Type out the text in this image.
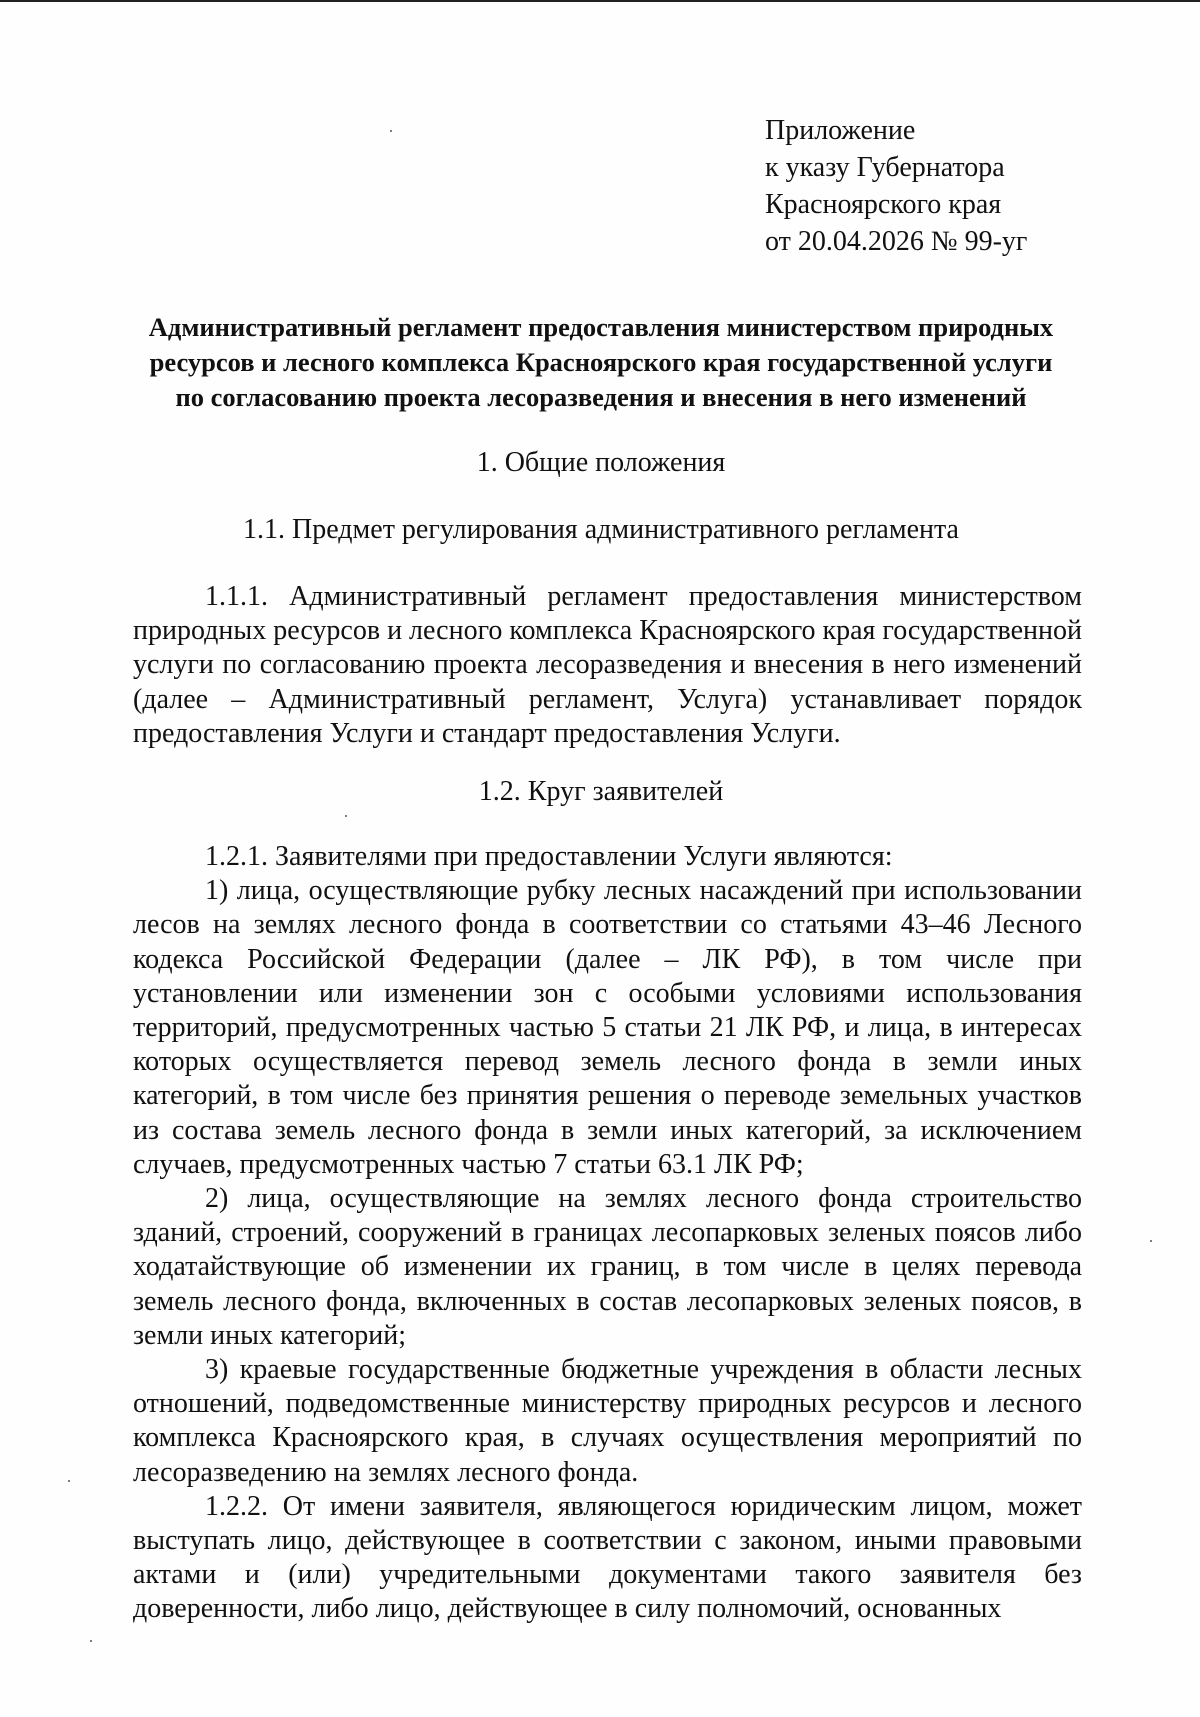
Приложение
к указу Губернатора
Красноярского края
от 20.04.2026 № 99-уг
Административный регламент предоставления министерством природных
ресурсов и лесного комплекса Красноярского края государственной услуги
по согласованию проекта лесоразведения и внесения в него изменений
1. Общие положения
1.1. Предмет регулирования административного регламента

1.1.1. Административный регламент предоставления министерством природных ресурсов и лесного комплекса Красноярского края государственной услуги по согласованию проекта лесоразведения и внесения в него изменений (далее – Административный регламент, Услуга) устанавливает порядок предоставления Услуги и стандарт предоставления Услуги.

1.2. Круг заявителей

1.2.1. Заявителями при предоставлении Услуги являются:

1) лица, осуществляющие рубку лесных насаждений при использовании лесов на землях лесного фонда в соответствии со статьями 43–46 Лесного кодекса Российской Федерации (далее – ЛК РФ), в том числе при установлении или изменении зон с особыми условиями использования территорий, предусмотренных частью 5 статьи 21 ЛК РФ, и лица, в интересах которых осуществляется перевод земель лесного фонда в земли иных категорий, в том числе без принятия решения о переводе земельных участков из состава земель лесного фонда в земли иных категорий, за исключением случаев, предусмотренных частью 7 статьи 63.1 ЛК РФ;

2) лица, осуществляющие на землях лесного фонда строительство зданий, строений, сооружений в границах лесопарковых зеленых поясов либо ходатайствующие об изменении их границ, в том числе в целях перевода земель лесного фонда, включенных в состав лесопарковых зеленых поясов, в земли иных категорий;

3) краевые государственные бюджетные учреждения в области лесных отношений, подведомственные министерству природных ресурсов и лесного комплекса Красноярского края, в случаях осуществления мероприятий по лесоразведению на землях лесного фонда.

1.2.2. От имени заявителя, являющегося юридическим лицом, может выступать лицо, действующее в соответствии с законом, иными правовыми актами и (или) учредительными документами такого заявителя без доверенности, либо лицо, действующее в силу полномочий, основанных
